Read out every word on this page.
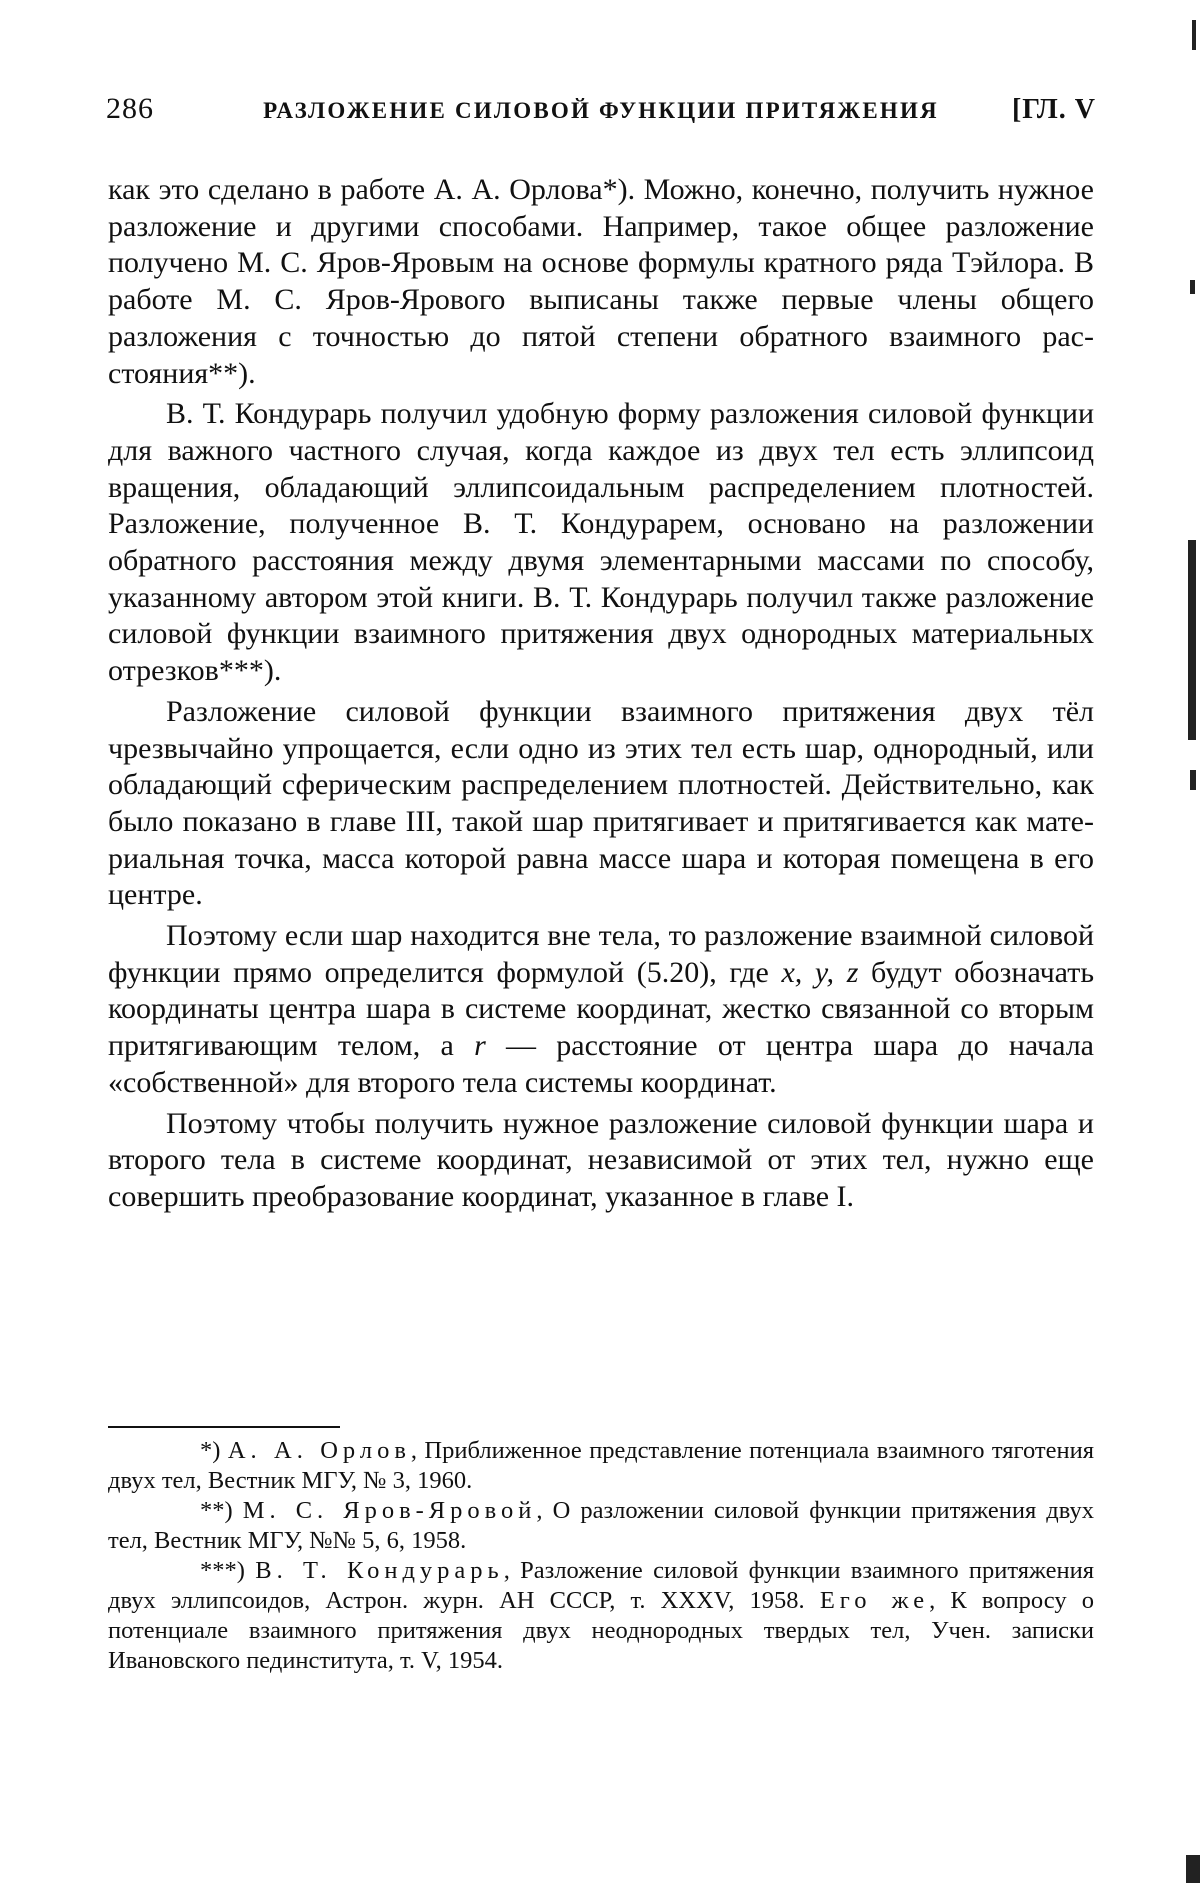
286	РАЗЛОЖЕНИЕ СИЛОВОЙ ФУНКЦИИ ПРИТЯЖЕНИЯ	[ГЛ. V

как это сделано в работе А. А. Орлова*). Можно, конечно, получить нужное разложение и другими способами. Например, такое общее разложение получено М. С. Яров-Яровым на основе формулы кратного ряда Тэйлора. В работе М. С. Яров-Ярового выписаны также первые члены общего разложения с точностью до пятой степени обратного взаимного расстояния**).

В. Т. Кондурарь получил удобную форму разложения силовой функции для важного частного случая, когда каждое из двух тел есть эллипсоид вращения, обладающий эллипсоидальным распределением плотностей. Разложение, полученное В. Т. Кондурарем, основано на разложении обратного расстояния между двумя элементарными массами по способу, указанному автором этой книги. В. Т. Кондурарь получил также разложение силовой функции взаимного притяжения двух однородных материальных отрезков***).

Разложение силовой функции взаимного притяжения двух тёл чрезвычайно упрощается, если одно из этих тел есть шар, однородный, или обладающий сферическим распределением плотностей. Действительно, как было показано в главе III, такой шар притягивает и притягивается как материальная точка, масса которой равна массе шара и которая помещена в его центре.

Поэтому если шар находится вне тела, то разложение взаимной силовой функции прямо определится формулой (5.20), где x, y, z будут обозначать координаты центра шара в системе координат, жестко связанной со вторым притягивающим телом, а r — расстояние от центра шара до начала «собственной» для второго тела системы координат.

Поэтому чтобы получить нужное разложение силовой функции шара и второго тела в системе координат, независимой от этих тел, нужно еще совершить преобразование координат, указанное в главе I.

*) А. А. Орлов, Приближенное представление потенциала взаимного тяготения двух тел, Вестник МГУ, № 3, 1960.

**) М. С. Яров-Яровой, О разложении силовой функции притяжения двух тел, Вестник МГУ, №№ 5, 6, 1958.

***) В. Т. Кондурарь, Разложение силовой функции взаимного притяжения двух эллипсоидов, Астрон. журн. АН СССР, т. XXXV, 1958. Его же, К вопросу о потенциале взаимного притяжения двух неоднородных твердых тел, Учен. записки Ивановского пединститута, т. V, 1954.
